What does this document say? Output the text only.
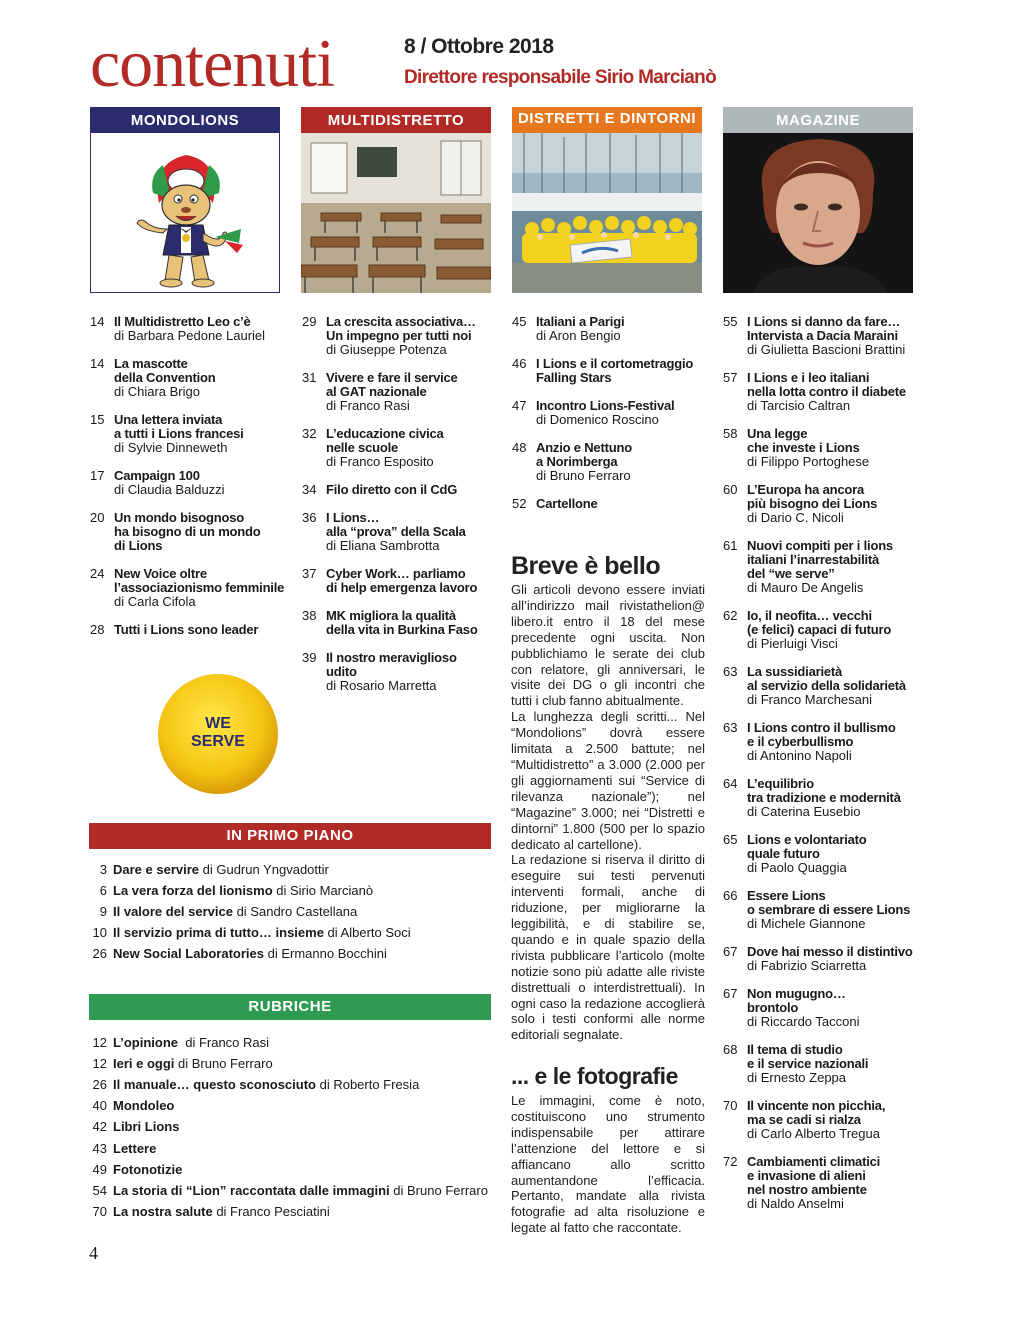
contenuti	8 / Ottobre 2018
Direttore responsabile Sirio Marcianò
MONDOLIONS	MULTIDISTRETTO	DISTRETTI E DINTORNI	MAGAZINE
14 Il Multidistretto Leo c’è
di Barbara Pedone Lauriel
14 La mascotte
della Convention
di Chiara Brigo
15 Una lettera inviata
a tutti i Lions francesi
di Sylvie Dinneweth
17 Campaign 100
di Claudia Balduzzi
20 Un mondo bisognoso
ha bisogno di un mondo
di Lions
24 New Voice oltre
l’associazionismo femminile
di Carla Cifola
28 Tutti i Lions sono leader
29 La crescita associativa…
Un impegno per tutti noi
di Giuseppe Potenza
31 Vivere e fare il service
al GAT nazionale
di Franco Rasi
32 L’educazione civica
nelle scuole
di Franco Esposito
34 Filo diretto con il CdG
36 I Lions…
alla “prova” della Scala
di Eliana Sambrotta
37 Cyber Work… parliamo
di help emergenza lavoro
38 MK migliora la qualità
della vita in Burkina Faso
39 Il nostro meraviglioso
udito
di Rosario Marretta
45 Italiani a Parigi
di Aron Bengio
46 I Lions e il cortometraggio
Falling Stars
47 Incontro Lions-Festival
di Domenico Roscino
48 Anzio e Nettuno
a Norimberga
di Bruno Ferraro
52 Cartellone
55 I Lions si danno da fare…
Intervista a Dacia Maraini
di Giulietta Bascioni Brattini
57 I Lions e i leo italiani
nella lotta contro il diabete
di Tarcisio Caltran
58 Una legge
che investe i Lions
di Filippo Portoghese
60 L’Europa ha ancora
più bisogno dei Lions
di Dario C. Nicoli
61 Nuovi compiti per i lions
italiani l’inarrestabilità
del “we serve”
di Mauro De Angelis
62 Io, il neofita… vecchi
(e felici) capaci di futuro
di Pierluigi Visci
63 La sussidiarietà
al servizio della solidarietà
di Franco Marchesani
63 I Lions contro il bullismo
e il cyberbullismo
di Antonino Napoli
64 L’equilibrio
tra tradizione e modernità
di Caterina Eusebio
65 Lions e volontariato
quale futuro
di Paolo Quaggia
66 Essere Lions
o sembrare di essere Lions
di Michele Giannone
67 Dove hai messo il distintivo
di Fabrizio Sciarretta
67 Non mugugno…
brontolo
di Riccardo Tacconi
68 Il tema di studio
e il service nazionali
di Ernesto Zeppa
70 Il vincente non picchia,
ma se cadi si rialza
di Carlo Alberto Tregua
72 Cambiamenti climatici
e invasione di alieni
nel nostro ambiente
di Naldo Anselmi
WE
SERVE
IN PRIMO PIANO
3 Dare e servire di Gudrun Yngvadottir
6 La vera forza del lionismo di Sirio Marcianò
9 Il valore del service di Sandro Castellana
10 Il servizio prima di tutto… insieme di Alberto Soci
26 New Social Laboratories di Ermanno Bocchini
RUBRICHE
12 L’opinione  di Franco Rasi
12 Ieri e oggi di Bruno Ferraro
26 Il manuale… questo sconosciuto di Roberto Fresia
40 Mondoleo
42 Libri Lions
43 Lettere
49 Fotonotizie
54 La storia di “Lion” raccontata dalle immagini di Bruno Ferraro
70 La nostra salute di Franco Pesciatini
Breve è bello

Gli articoli devono essere inviati all’indirizzo mail rivistathelion@ libero.it entro il 18 del mese precedente ogni uscita. Non pubblichiamo le serate dei club con relatore, gli anniversari, le visite dei DG o gli incontri che tutti i club fanno abitualmente.

La lunghezza degli scritti... Nel “Mondolions” dovrà essere limitata a 2.500 battute; nel “Multidistretto” a 3.000 (2.000 per gli aggiornamenti sui “Service di rilevanza nazionale”); nel “Magazine” 3.000; nei “Distretti e dintorni” 1.800 (500 per lo spazio dedicato al cartellone).

La redazione si riserva il diritto di eseguire sui testi pervenuti interventi formali, anche di riduzione, per migliorarne la leggibilità, e di stabilire se, quando e in quale spazio della rivista pubblicare l’articolo (molte notizie sono più adatte alle riviste distrettuali o interdistrettuali). In ogni caso la redazione accoglierà solo i testi conformi alle norme editoriali segnalate.

... e le fotografie

Le immagini, come è noto, costituiscono uno strumento indispensabile per attirare l’attenzione del lettore e si affiancano allo scritto aumentandone l’efficacia. Pertanto, mandate alla rivista fotografie ad alta risoluzione e legate al fatto che raccontate.

4
